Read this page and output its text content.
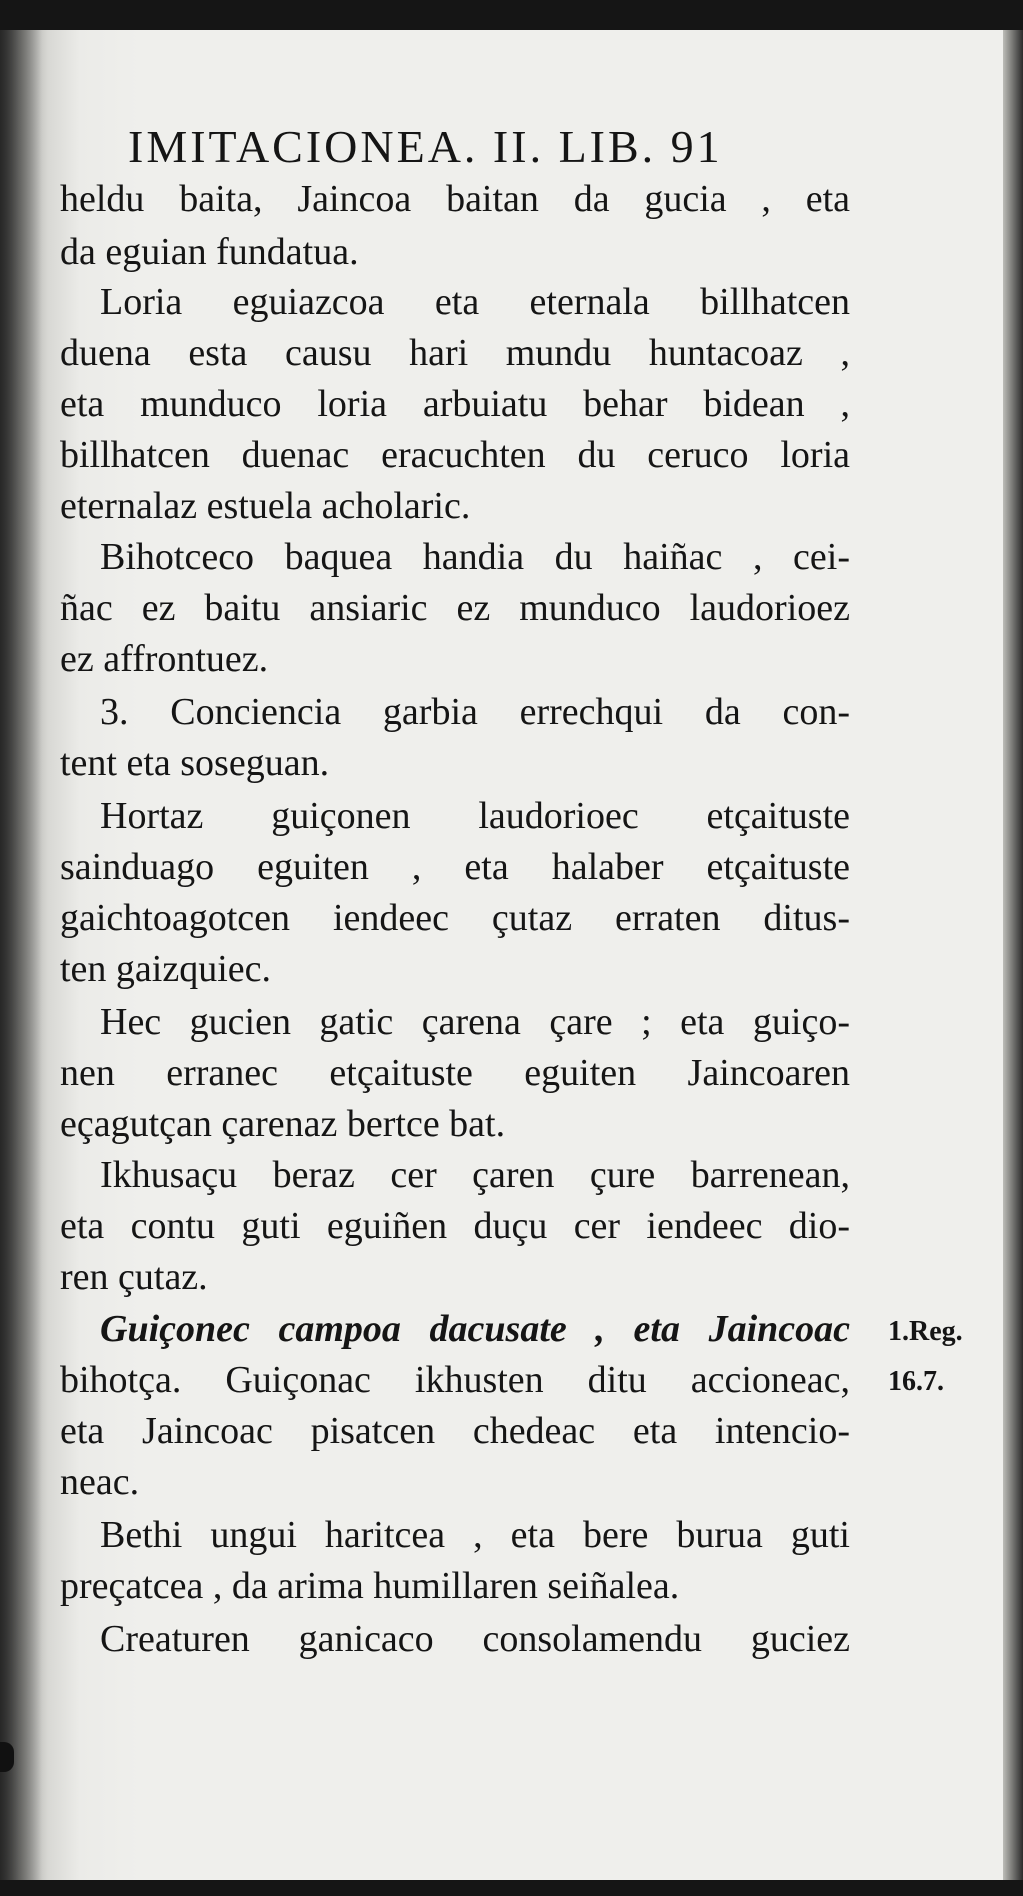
IMITACIONEA. II. LIB. 91
heldu baita, Jaincoa baitan da gucia , eta
da eguian fundatua.
Loria eguiazcoa eta eternala billhatcen
duena esta causu hari mundu huntacoaz ,
eta munduco loria arbuiatu behar bidean ,
billhatcen duenac eracuchten du ceruco loria
eternalaz estuela acholaric.
Bihotceco baquea handia du haiñac , cei-
ñac ez baitu ansiaric ez munduco laudorioez
ez affrontuez.
3. Conciencia garbia errechqui da con-
tent eta soseguan.
Hortaz guiçonen laudorioec etçaituste
sainduago eguiten , eta halaber etçaituste
gaichtoagotcen iendeec çutaz erraten ditus-
ten gaizquiec.
Hec gucien gatic çarena çare ; eta guiço-
nen erranec etçaituste eguiten Jaincoaren
eçagutçan çarenaz bertce bat.
Ikhusaçu beraz cer çaren çure barrenean,
eta contu guti eguiñen duçu cer iendeec dio-
ren çutaz.
Guiçonec campoa dacusate , eta Jaincoac
bihotça. Guiçonac ikhusten ditu accioneac,
eta Jaincoac pisatcen chedeac eta intencio-
neac.
Bethi ungui haritcea , eta bere burua guti
preçatcea , da arima humillaren seiñalea.
Creaturen ganicaco consolamendu guciez
1.Reg.
16.7.
